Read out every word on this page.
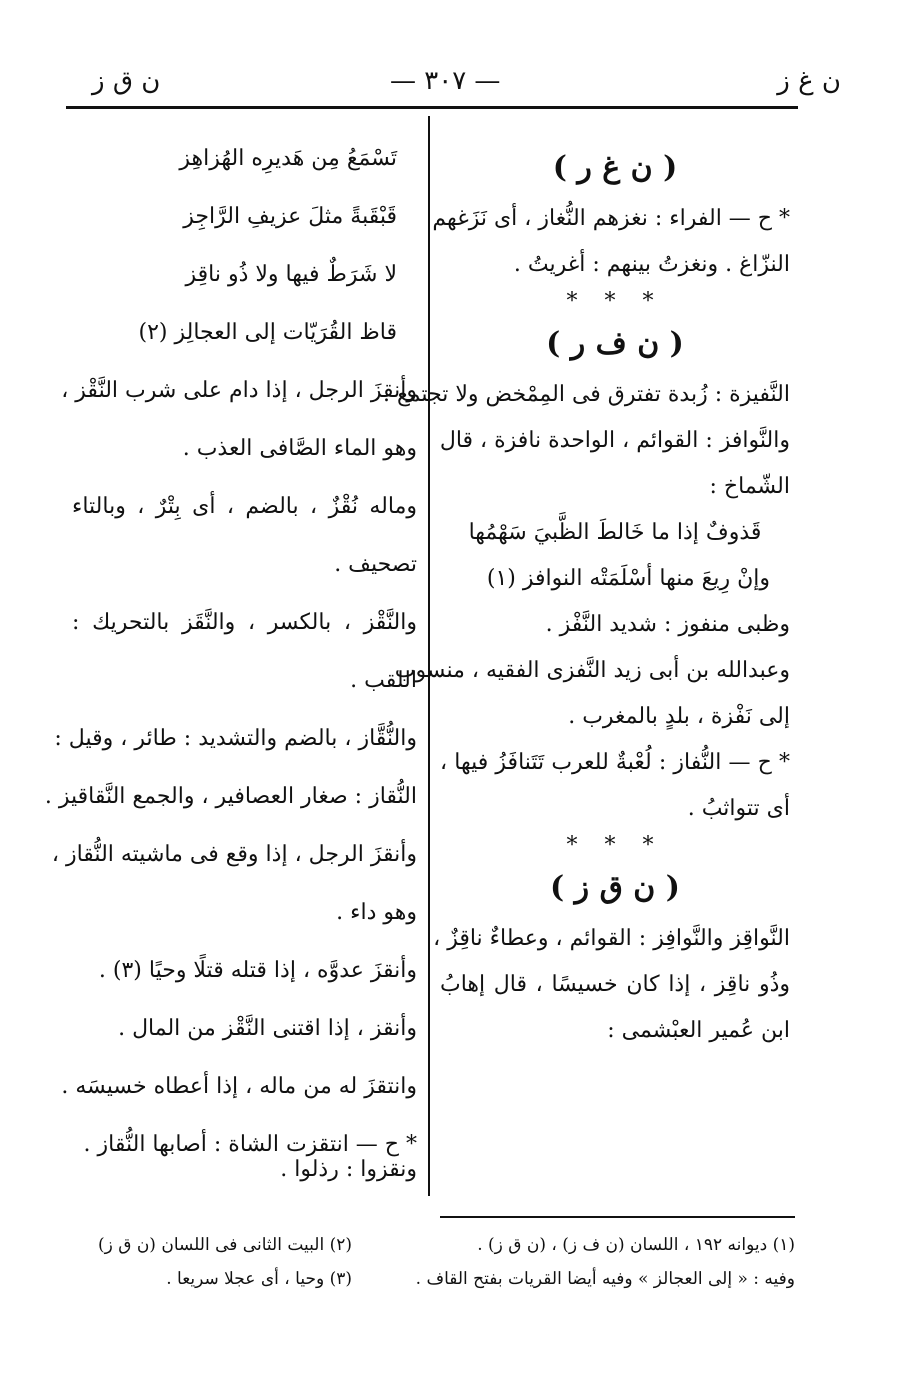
ن ق ز	— ٣٠٧ —	ن غ ز
( ن غ ر )
* ح — الفراء : نغزهم النُّغاز ، أى نَزَغهم
النزّاغ . ونغزتُ بينهم : أغريتُ .
* * *
( ن ف ر )
النَّفيزة : زُبدة تفترق فى المِمْخض ولا تجتمع .
والنَّوافز : القوائم ، الواحدة نافزة ، قال
الشّماخ :
قَذوفٌ إذا ما خَالطَ الظَّبيَ سَهْمُها
وإنْ رِيعَ منها أسْلَمَتْه النوافز (١)
وظبى منفوز : شديد النَّفْز .
وعبدالله بن أبى زيد النَّفزى الفقيه ، منسوب
إلى نَفْزة ، بلدٍ بالمغرب .
* ح — النُّفاز : لُعْبةٌ للعرب تَتَنافَزُ فيها ،
أى تتواثبُ .
* * *
( ن ق ز )
النَّواقِز والنَّوافِز : القوائم ، وعطاءٌ ناقِزٌ ،
وذُو ناقِز ، إذا كان خسيسًا ، قال إهابُ
ابن عُمير العبْشمى :
تَسْمَعُ مِن هَديرِه الهُزاهِز
قَبْقَبةً مثلَ عزيفِ الرَّاجِز
لا شَرَطٌ فيها ولا ذُو ناقِز
قاظ القُرَيّات إلى العجالِز (٢)
وأنقزَ الرجل ، إذا دام على شرب النَّقْز ،
وهو الماء الصَّافى العذب .
وماله نُقْزٌ ، بالضم ، أى بِتْرٌ ، وبالتاء
تصحيف .
والنَّقْز ، بالكسر ، والنَّقَز بالتحريك :
اللقب .
والنُّقَّاز ، بالضم والتشديد : طائر ، وقيل :
النُّقاز : صغار العصافير ، والجمع النَّقاقيز .
وأنقزَ الرجل ، إذا وقع فى ماشيته النُّقاز ،
وهو داء .
وأنقزَ عدوَّه ، إذا قتله قتلًا وحيًا (٣) .
وأنقز ، إذا اقتنى النَّقْز من المال .
وانتقزَ له من ماله ، إذا أعطاه خسيسَه .
* ح — انتقزت الشاة : أصابها النُّقاز .
ونقزوا : رذلوا .
(١) ديوانه ١٩٢ ، اللسان (ن ف ز) ، (ن ق ز) .
وفيه : « إلى العجالز » وفيه أيضا القريات بفتح القاف .
(٢) البيت الثانى فى اللسان (ن ق ز)
(٣) وحيا ، أى عجلا سريعا .
